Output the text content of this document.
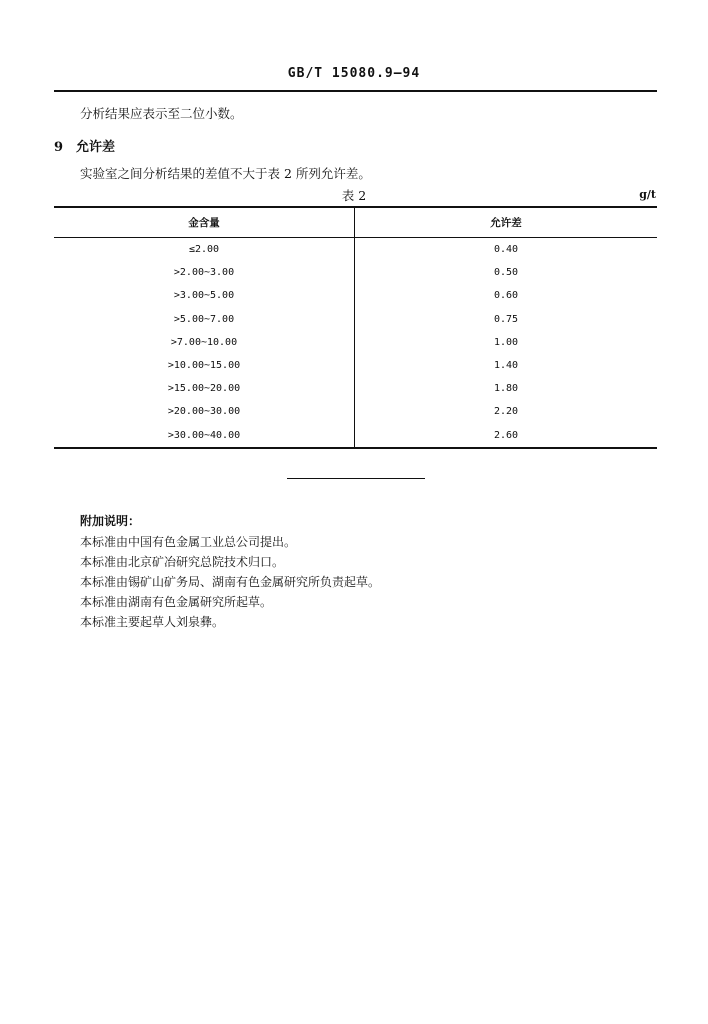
GB/T 15080.9—94
分析结果应表示至二位小数。
9 允许差
实验室之间分析结果的差值不大于表 2 所列允许差。
表 2	g/t
金含量	允许差
≤2.00	0.40
>2.00~3.00	0.50
>3.00~5.00	0.60
>5.00~7.00	0.75
>7.00~10.00	1.00
>10.00~15.00	1.40
>15.00~20.00	1.80
>20.00~30.00	2.20
>30.00~40.00	2.60
附加说明：
本标准由中国有色金属工业总公司提出。
本标准由北京矿冶研究总院技术归口。
本标准由锡矿山矿务局、湖南有色金属研究所负责起草。
本标准由湖南有色金属研究所起草。
本标准主要起草人刘泉彝。
